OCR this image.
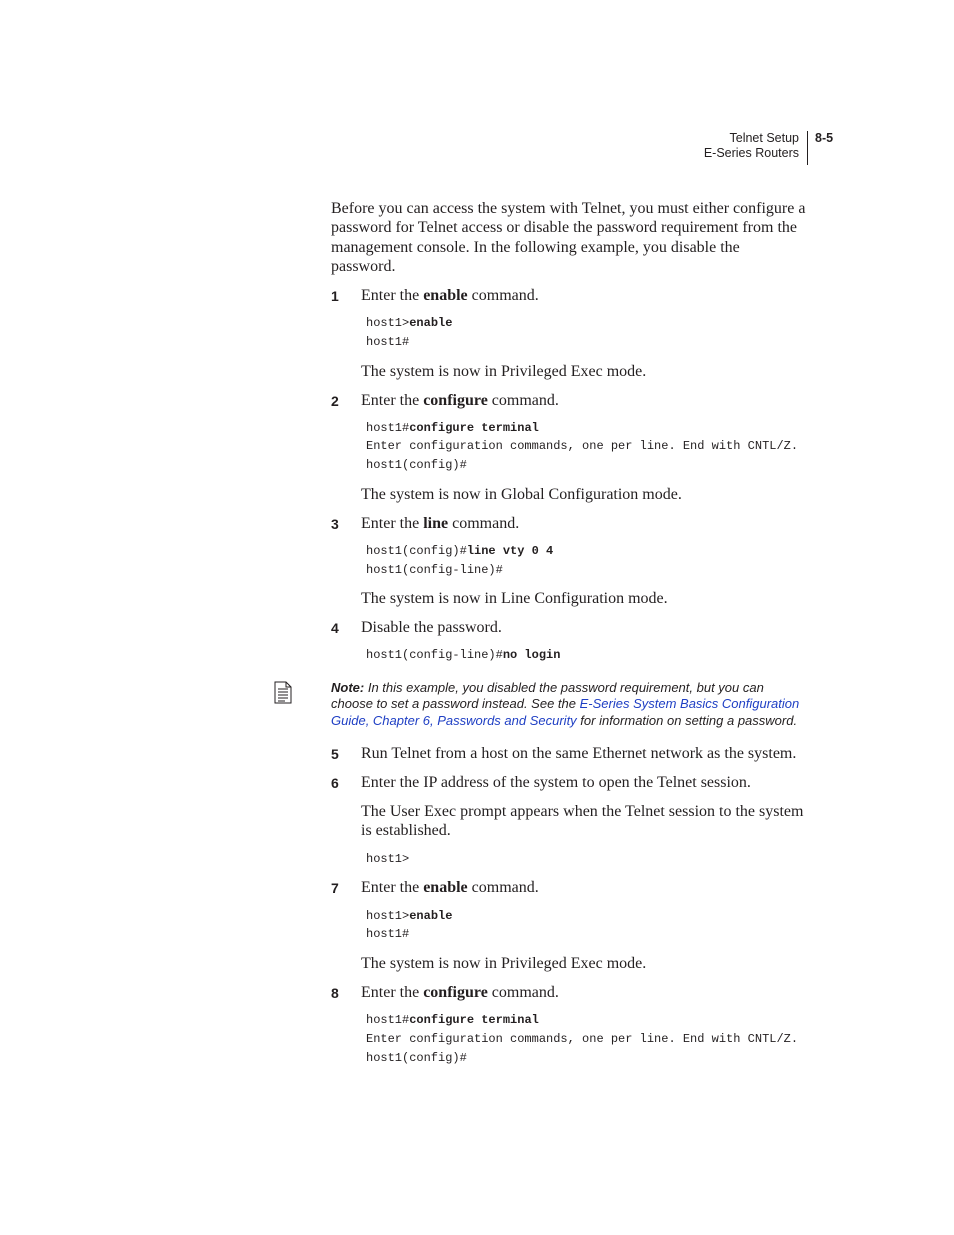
Telnet Setup
E-Series Routers
8-5
Before you can access the system with Telnet, you must either configure a
password for Telnet access or disable the password requirement from the
management console. In the following example, you disable the
password.
1 Enter the enable command.
host1>enable
host1#
The system is now in Privileged Exec mode.
2 Enter the configure command.
host1#configure terminal
Enter configuration commands, one per line. End with CNTL/Z.
host1(config)#
The system is now in Global Configuration mode.
3 Enter the line command.
host1(config)#line vty 0 4
host1(config-line)#
The system is now in Line Configuration mode.
4 Disable the password.
host1(config-line)#no login
Note: In this example, you disabled the password requirement, but you can
choose to set a password instead. See the E-Series System Basics Configuration
Guide, Chapter 6, Passwords and Security for information on setting a password.
5 Run Telnet from a host on the same Ethernet network as the system.
6 Enter the IP address of the system to open the Telnet session.
The User Exec prompt appears when the Telnet session to the system
is established.
host1>
7 Enter the enable command.
host1>enable
host1#
The system is now in Privileged Exec mode.
8 Enter the configure command.
host1#configure terminal
Enter configuration commands, one per line. End with CNTL/Z.
host1(config)#
